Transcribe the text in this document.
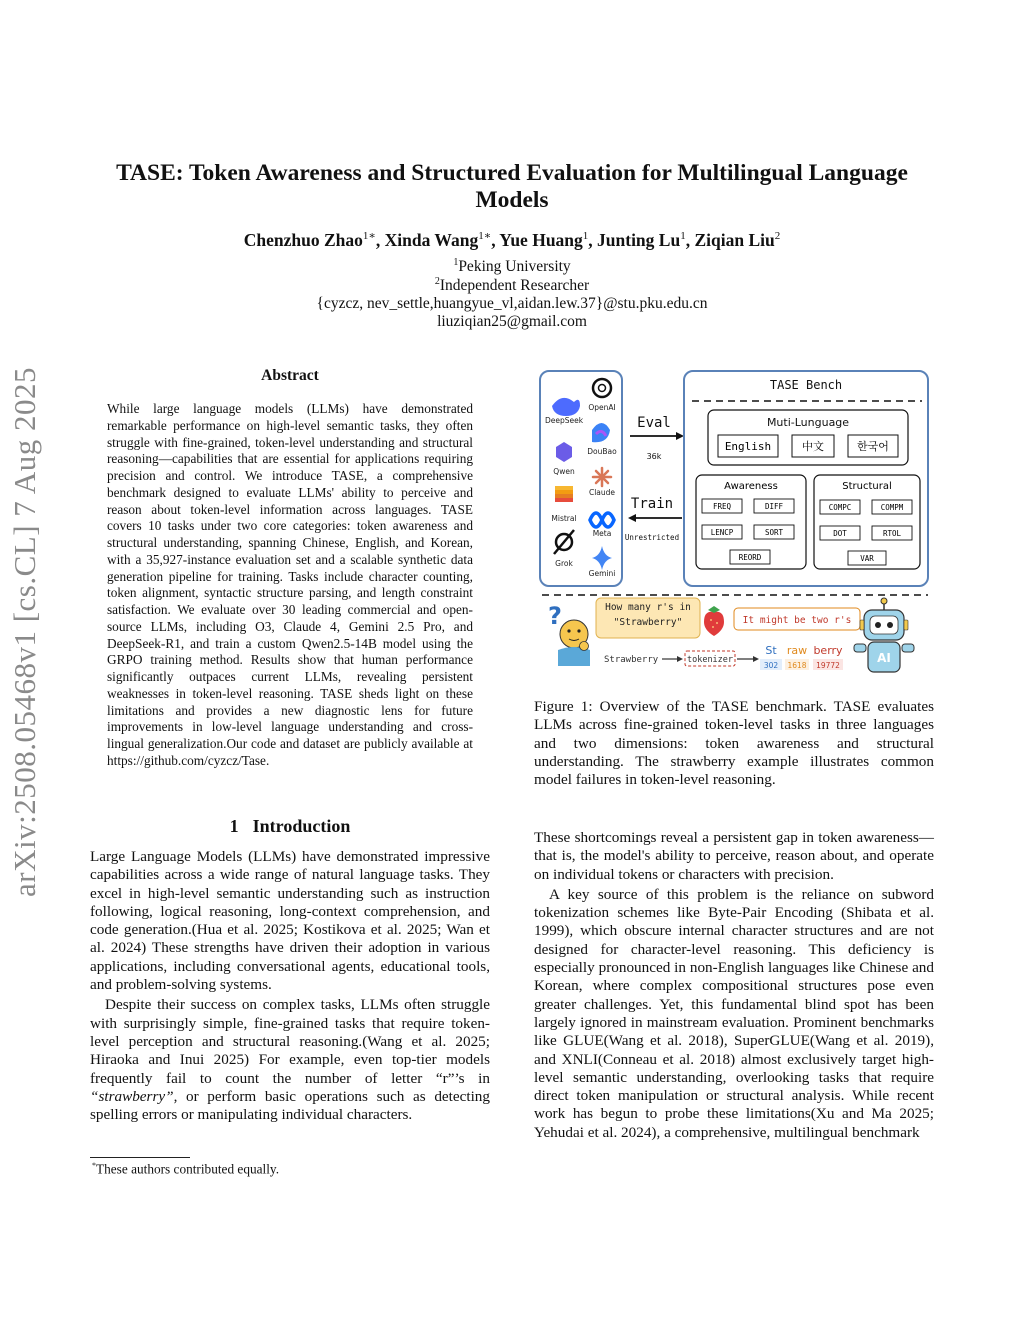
arXiv:2508.05468v1 [cs.CL] 7 Aug 2025
TASE: Token Awareness and Structured Evaluation for Multilingual Language
Models
Chenzhuo Zhao$^{1∗}$, Xinda Wang$^{1∗}$, Yue Huang$^1$, Junting Lu$^1$, Ziqian Liu$^2$
$^1$Peking University
$^2$Independent Researcher
{cyzcz, nev_settle,huangyue_vl,aidan.lew.37}@stu.pku.edu.cn
liuziqian25@gmail.com
Abstract
While large language models (LLMs) have demonstrated remarkable performance on high-level semantic tasks, they often struggle with fine-grained, token-level understanding and structural reasoning—capabilities that are essential for applications requiring precision and control. We introduce TASE, a comprehensive benchmark designed to evaluate LLMs' ability to perceive and reason about token-level information across languages. TASE covers 10 tasks under two core categories: token awareness and structural understanding, spanning Chinese, English, and Korean, with a 35,927-instance evaluation set and a scalable synthetic data generation pipeline for training. Tasks include character counting, token alignment, syntactic structure parsing, and length constraint satisfaction. We evaluate over 30 leading commercial and open-source LLMs, including O3, Claude 4, Gemini 2.5 Pro, and DeepSeek-R1, and train a custom Qwen2.5-14B model using the GRPO training method. Results show that human performance significantly outpaces current LLMs, revealing persistent weaknesses in token-level reasoning. TASE sheds light on these limitations and provides a new diagnostic lens for future improvements in low-level language understanding and cross-lingual generalization.Our code and dataset are publicly available at https://github.com/cyzcz/Tase.
1 Introduction

Large Language Models (LLMs) have demonstrated impressive capabilities across a wide range of natural language tasks. They excel in high-level semantic understanding such as instruction following, logical reasoning, long-context comprehension, and code generation.(Hua et al. 2025; Kostikova et al. 2025; Wan et al. 2024) These strengths have driven their adoption in various applications, including conversational agents, educational tools, and problem-solving systems.

Despite their success on complex tasks, LLMs often struggle with surprisingly simple, fine-grained tasks that require token-level perception and structural reasoning.(Wang et al. 2025; Hiraoka and Inui 2025) For example, even top-tier models frequently fail to count the number of letter “r”’s in “strawberry”, or perform basic operations such as detecting spelling errors or manipulating individual characters.

*These authors contributed equally.
DeepSeek
OpenAI
Qwen
DouBao
Mistral
Claude
Grok
Meta
Gemini
Eval
36k
Train
Unrestricted
TASE Bench
Muti-Lunguage
English	中文	한국어
Awareness
FREQ	DIFF
LENCP	SORT
REORD
Structural
COMPC	COMPM
DOT	RTOL
VAR
?	How many r's in "Strawberry"	It might be two r's
Strawberry	tokenizer
St raw berry
302 1618 19772
AI
Figure 1: Overview of the TASE benchmark. TASE evaluates LLMs across fine-grained token-level tasks in three languages and two dimensions: token awareness and structural understanding. The strawberry example illustrates common model failures in token-level reasoning.

These shortcomings reveal a persistent gap in token awareness—that is, the model's ability to perceive, reason about, and operate on individual tokens or characters with precision.

A key source of this problem is the reliance on subword tokenization schemes like Byte-Pair Encoding (Shibata et al. 1999), which obscure internal character structures and are not designed for character-level reasoning. This deficiency is especially pronounced in non-English languages like Chinese and Korean, where complex compositional structures pose even greater challenges. Yet, this fundamental blind spot has been largely ignored in mainstream evaluation. Prominent benchmarks like GLUE(Wang et al. 2018), SuperGLUE(Wang et al. 2019), and XNLI(Conneau et al. 2018) almost exclusively target high-level semantic understanding, overlooking tasks that require direct token manipulation or structural analysis. While recent work has begun to probe these limitations(Xu and Ma 2025; Yehudai et al. 2024), a comprehensive, multilingual benchmark
